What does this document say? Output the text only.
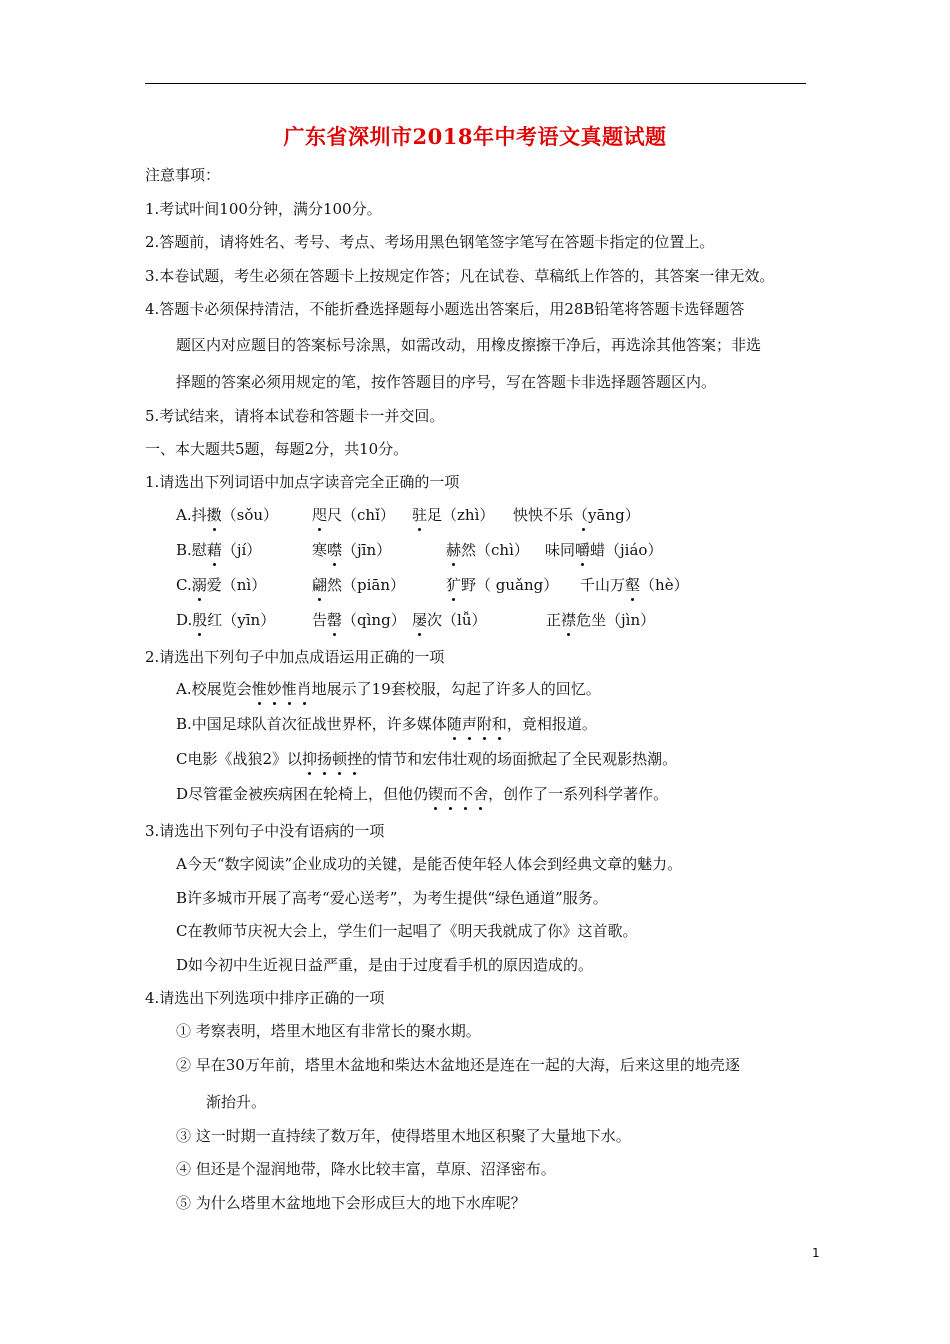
广东省深圳市2018年中考语文真题试题
注意事项：
1.考试叶间100分钟，满分100分。
2.答题前，请将姓名、考号、考点、考场用黑色钢笔签字笔写在答题卡指定的位置上。
3.本卷试题，考生必须在答题卡上按规定作答；凡在试卷、草稿纸上作答的，其答案一律无效。
4.答题卡必须保持清洁，不能折叠选择题每小题选出答案后，用28B铅笔将答题卡选铎题答
题区内对应题目的答案标号涂黑，如需改动，用橡皮擦擦干净后，再选涂其他答案；非选
择题的答案必须用规定的笔，按作答题目的序号，写在答题卡非选择题答题区内。
5.考试结来，请将本试卷和答题卡一并交回。
一、本大题共5题，每题2分，共10分。
1.请选出下列词语中加点字读音完全正确的一项
A.抖擞（sǒu） 咫尺（chǐ） 驻足（zhì） 怏怏不乐（yāng）
B.慰藉（jí）	寒噤（jīn）	赫然（chì） 味同嚼蜡（jiáo）
C.溺爱（nì）	翩然（piān）	犷野（ guǎng） 千山万壑（hè）
D.殷红（yīn） 告罄（qìng） 屡次（lǚ）	正襟危坐（jìn）
2.请选出下列句子中加点成语运用正确的一项
A.校展览会惟妙惟肖地展示了19套校服，勾起了许多人的回忆。
B.中国足球队首次征战世界杯，许多媒体随声附和，竟相报道。
C电影《战狼2》以抑扬顿挫的情节和宏伟壮观的场面掀起了全民观影热潮。
D尽管霍金被疾病困在轮椅上，但他仍锲而不舍，创作了一系列科学著作。
3.请选出下列句子中没有语病的一项
A今天“数字阅读”企业成功的关键，是能否使年轻人体会到经典文章的魅力。
B许多城市开展了高考“爱心送考”，为考生提供“绿色通道”服务。
C在教师节庆祝大会上，学生们一起唱了《明天我就成了你》这首歌。
D如今初中生近视日益严重，是由于过度看手机的原因造成的。
4.请选出下列选项中排序正确的一项
① 考察表明，塔里木地区有非常长的聚水期。
② 早在30万年前，塔里木盆地和柴达木盆地还是连在一起的大海，后来这里的地壳逐
渐抬升。
③ 这一时期一直持续了数万年，使得塔里木地区积聚了大量地下水。
④ 但还是个湿润地带，降水比较丰富，草原、沼泽密布。
⑤ 为什么塔里木盆地地下会形成巨大的地下水库呢？
1
